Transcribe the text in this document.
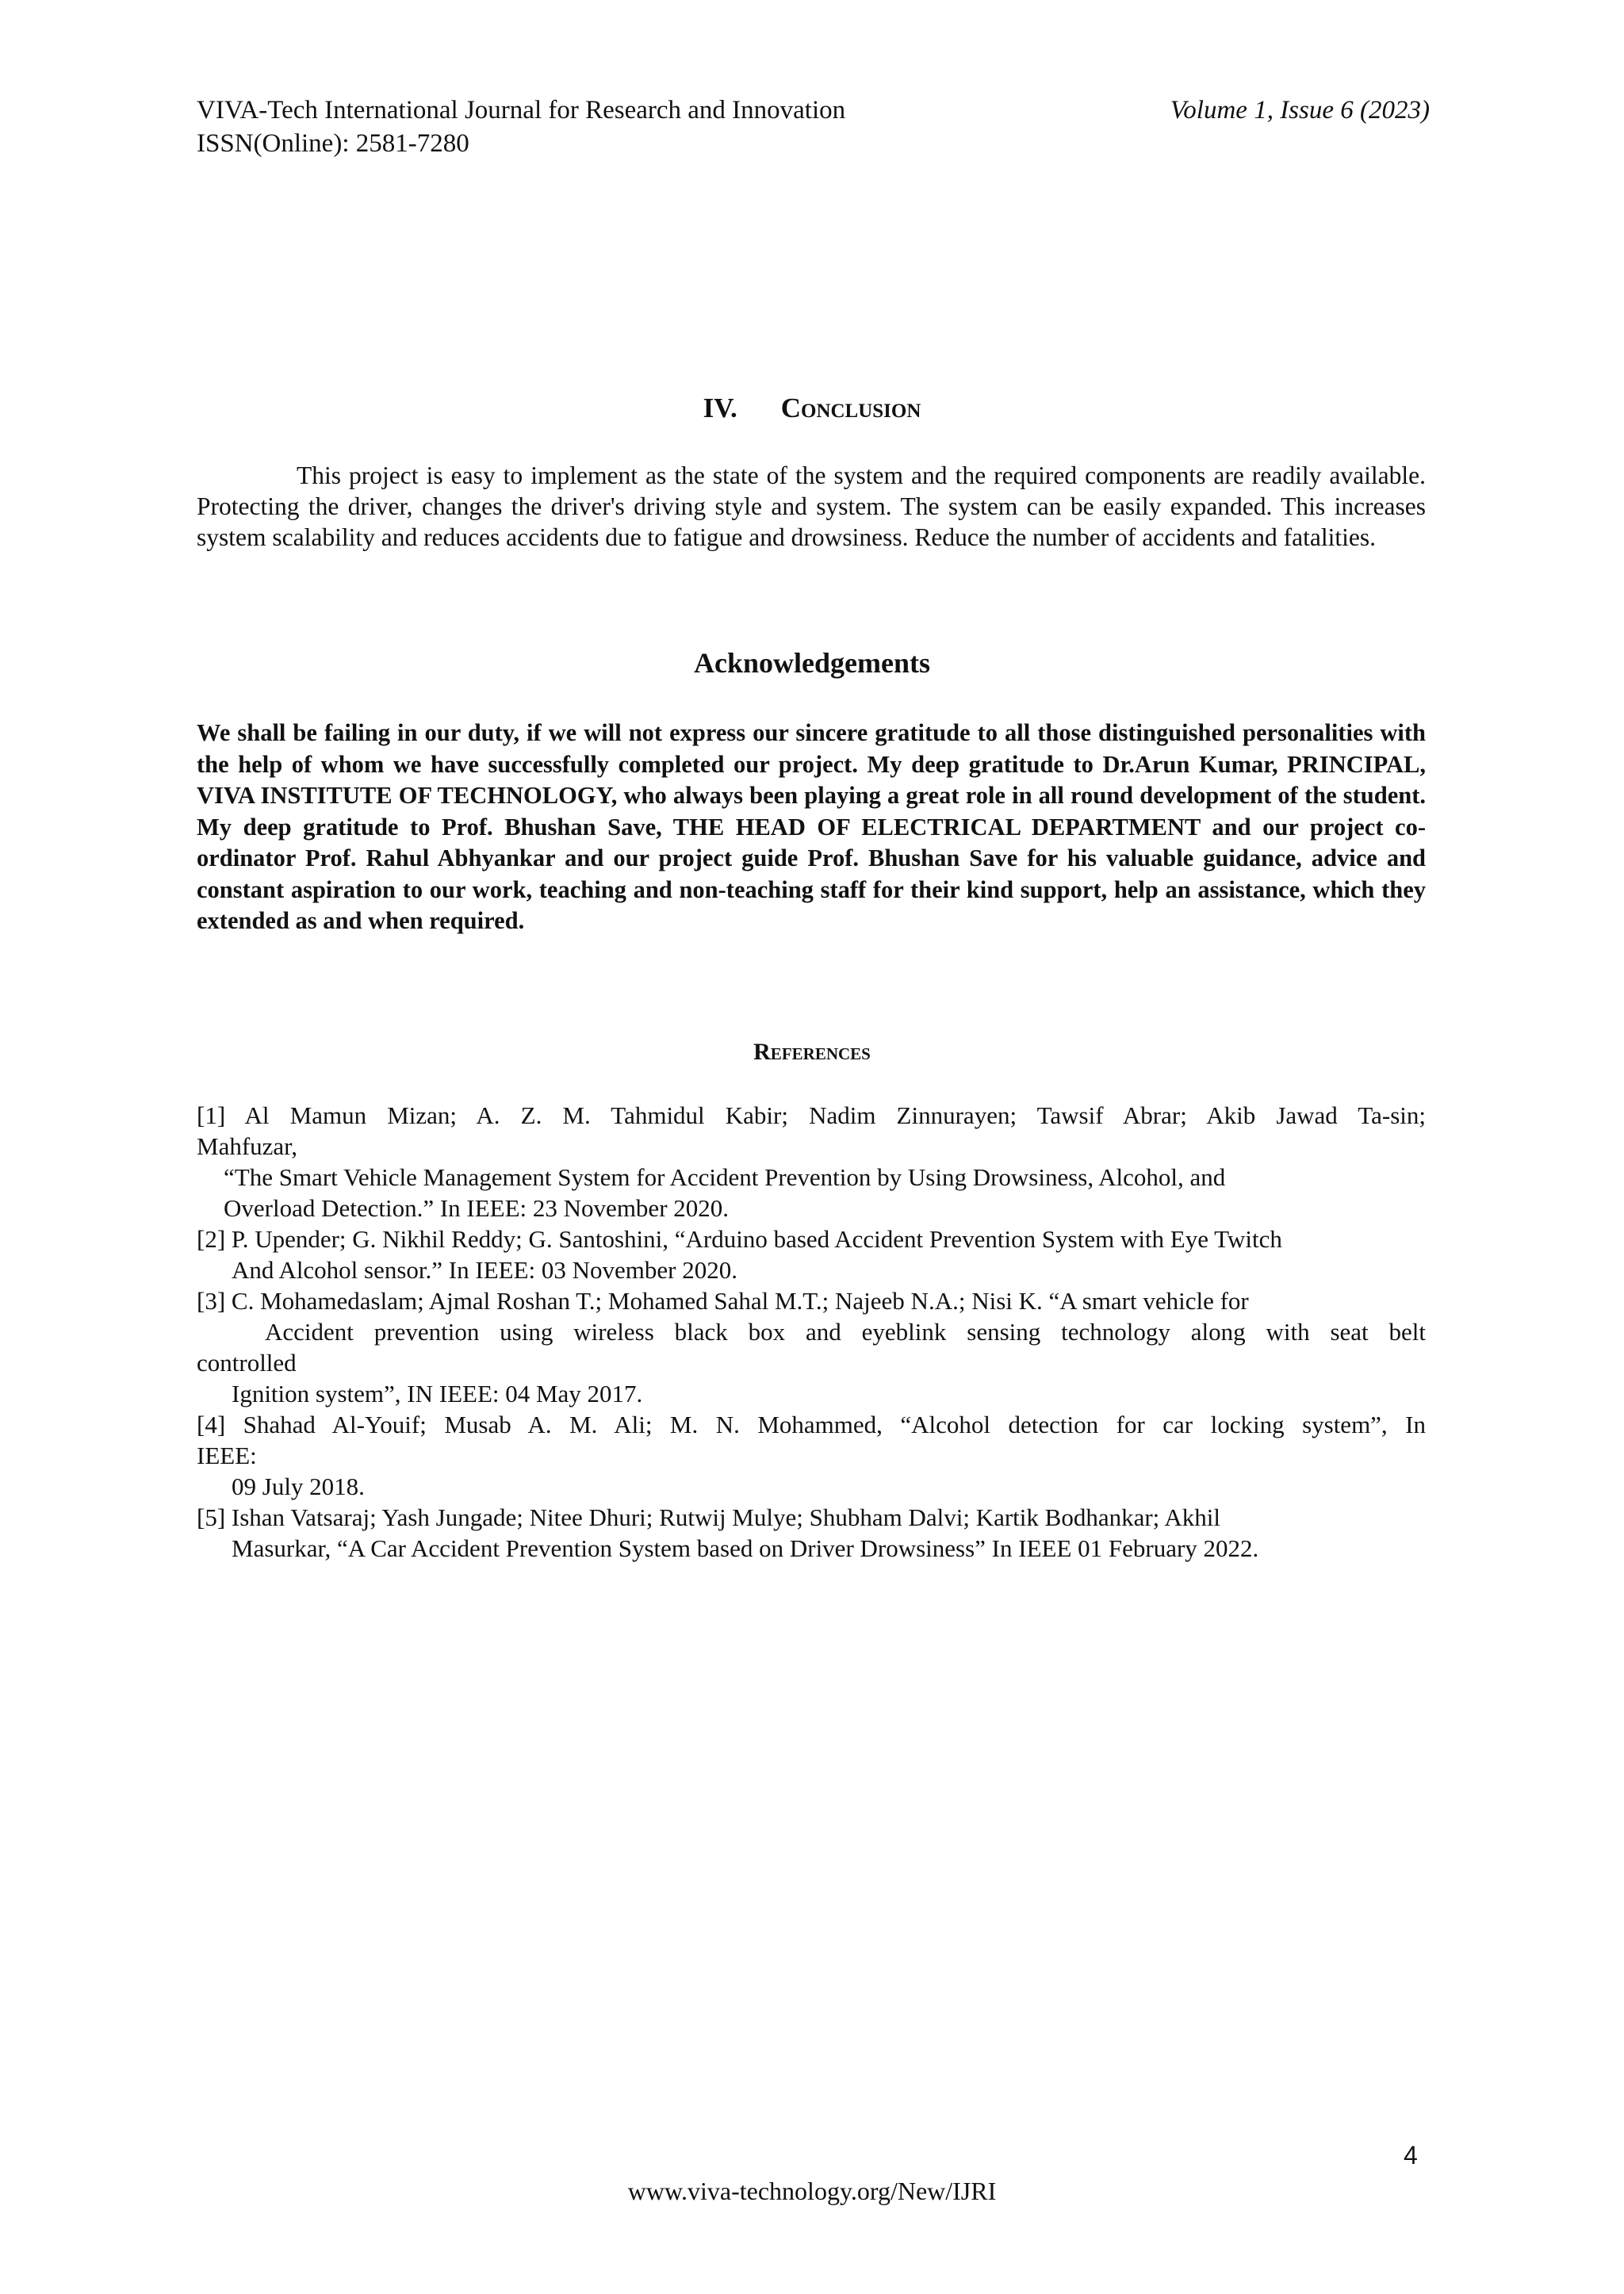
VIVA-Tech International Journal for Research and Innovation
ISSN(Online): 2581-7280
Volume 1, Issue 6 (2023)
IV. Conclusion
This project is easy to implement as the state of the system and the required components are readily available. Protecting the driver, changes the driver's driving style and system. The system can be easily expanded. This increases system scalability and reduces accidents due to fatigue and drowsiness. Reduce the number of accidents and fatalities.
Acknowledgements
We shall be failing in our duty, if we will not express our sincere gratitude to all those distinguished personalities with the help of whom we have successfully completed our project. My deep gratitude to Dr.Arun Kumar, PRINCIPAL, VIVA INSTITUTE OF TECHNOLOGY, who always been playing a great role in all round development of the student. My deep gratitude to Prof. Bhushan Save, THE HEAD OF ELECTRICAL DEPARTMENT and our project co-ordinator Prof. Rahul Abhyankar and our project guide Prof. Bhushan Save for his valuable guidance, advice and constant aspiration to our work, teaching and non-teaching staff for their kind support, help an assistance, which they extended as and when required.
References
[1] Al Mamun Mizan; A. Z. M. Tahmidul Kabir; Nadim Zinnurayen; Tawsif Abrar; Akib Jawad Ta-sin;
Mahfuzar,
“The Smart Vehicle Management System for Accident Prevention by Using Drowsiness, Alcohol, and
Overload Detection.” In IEEE: 23 November 2020.
[2] P. Upender; G. Nikhil Reddy; G. Santoshini, “Arduino based Accident Prevention System with Eye Twitch
And Alcohol sensor.” In IEEE: 03 November 2020.
[3] C. Mohamedaslam; Ajmal Roshan T.; Mohamed Sahal M.T.; Najeeb N.A.; Nisi K. “A smart vehicle for
Accident prevention using wireless black box and eyeblink sensing technology along with seat belt
controlled
Ignition system”, IN IEEE: 04 May 2017.
[4] Shahad Al-Youif; Musab A. M. Ali; M. N. Mohammed, “Alcohol detection for car locking system”, In
IEEE:
09 July 2018.
[5] Ishan Vatsaraj; Yash Jungade; Nitee Dhuri; Rutwij Mulye; Shubham Dalvi; Kartik Bodhankar; Akhil
Masurkar, “A Car Accident Prevention System based on Driver Drowsiness” In IEEE 01 February 2022.
4
www.viva-technology.org/New/IJRI
